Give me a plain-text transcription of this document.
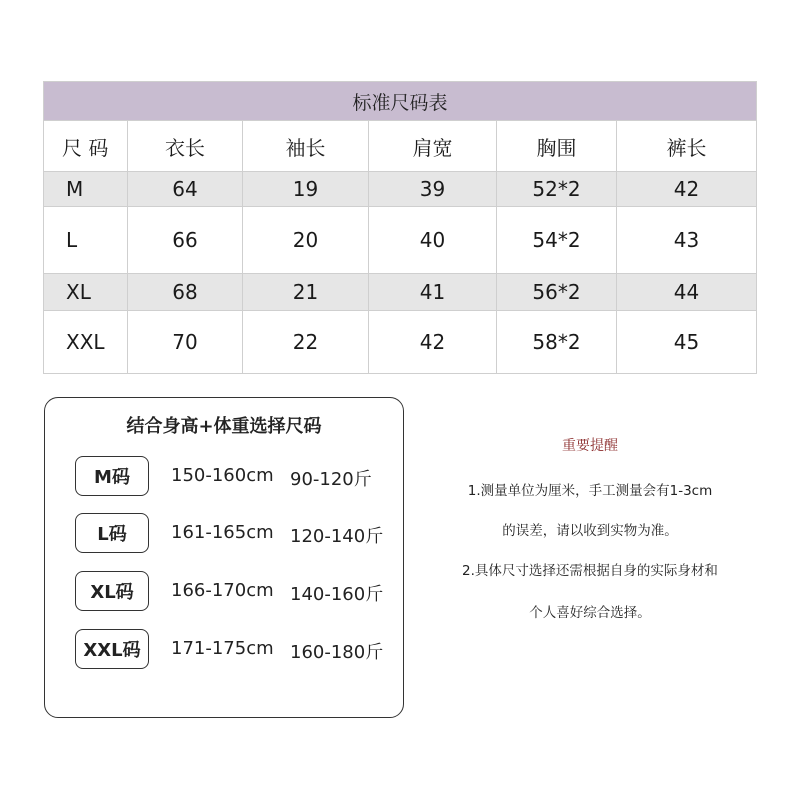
标准尺码表					
尺 码	衣长	袖长	肩宽	胸围	裤长
M	64	19	39	52*2	42
L	66	20	40	54*2	43
XL	68	21	41	56*2	44
XXL	70	22	42	58*2	45
结合身高+体重选择尺码
M码	150-160cm 90-120斤
L码	161-165cm 120-140斤
XL码	166-170cm 140-160斤
XXL码	171-175cm 160-180斤
重要提醒
1.测量单位为厘米，手工测量会有1-3cm
的误差，请以收到实物为准。
2.具体尺寸选择还需根据自身的实际身材和
个人喜好综合选择。
